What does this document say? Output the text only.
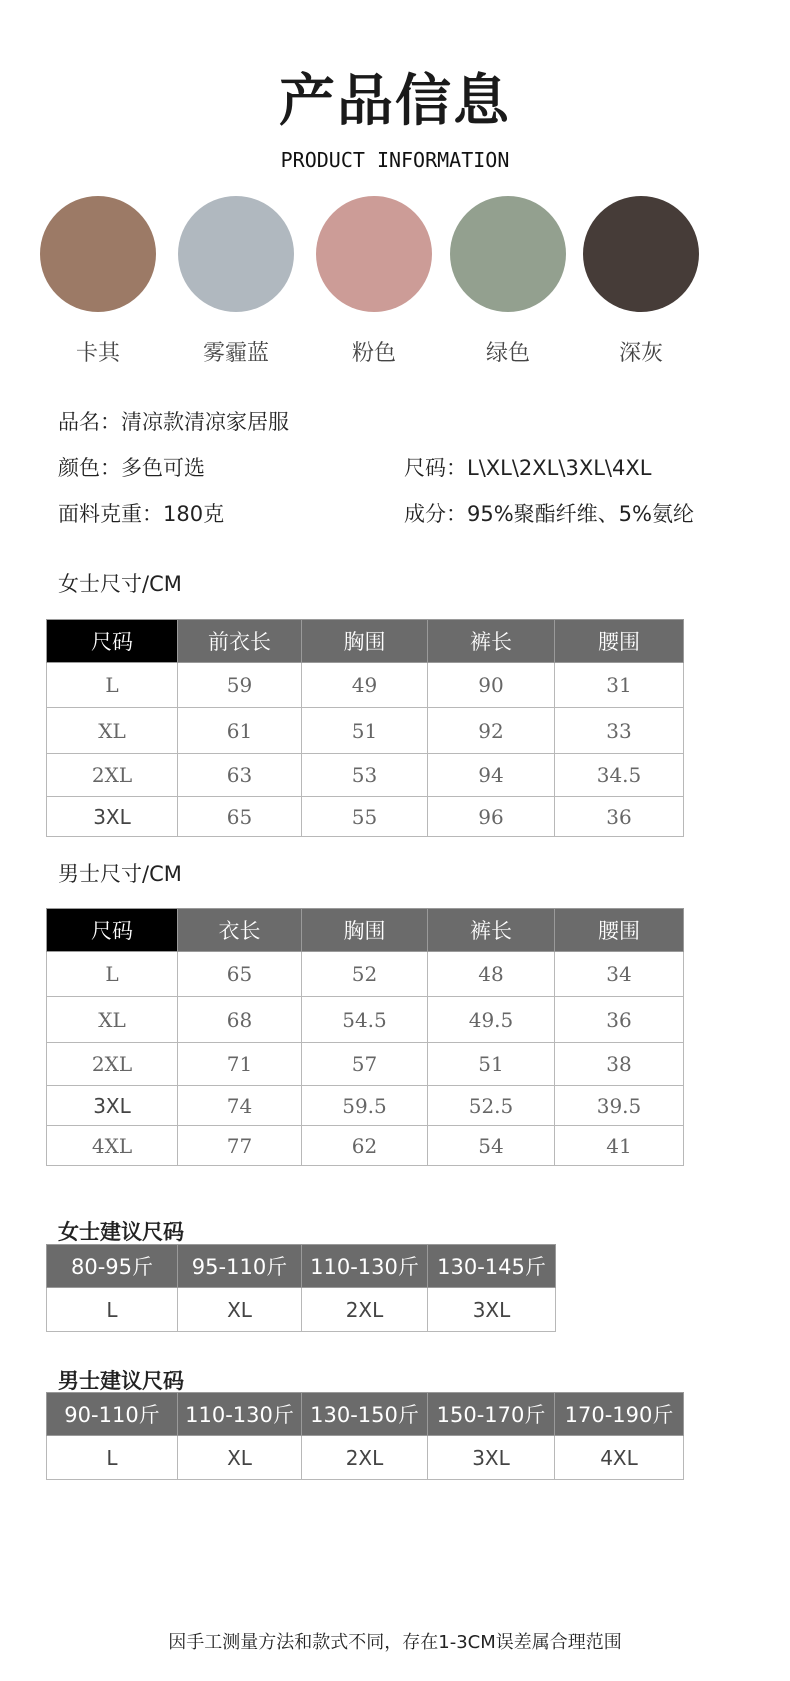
产品信息
PRODUCT INFORMATION
卡其	雾霾蓝	粉色	绿色	深灰
品名：清凉款清凉家居服
颜色：多色可选	尺码：L\XL\2XL\3XL\4XL
面料克重：180克	成分：95%聚酯纤维、5%氨纶
女士尺寸/CM
尺码	前衣长	胸围	裤长	腰围
L	59	49	90	31
XL	61	51	92	33
2XL	63	53	94	34.5
3XL	65	55	96	36
男士尺寸/CM
尺码	衣长	胸围	裤长	腰围
L	65	52	48	34
XL	68	54.5	49.5	36
2XL	71	57	51	38
3XL	74	59.5	52.5	39.5
4XL	77	62	54	41
女士建议尺码
80-95斤	95-110斤	110-130斤	130-145斤
L	XL	2XL	3XL
男士建议尺码
90-110斤	110-130斤	130-150斤	150-170斤	170-190斤
L	XL	2XL	3XL	4XL
因手工测量方法和款式不同，存在1-3CM误差属合理范围
